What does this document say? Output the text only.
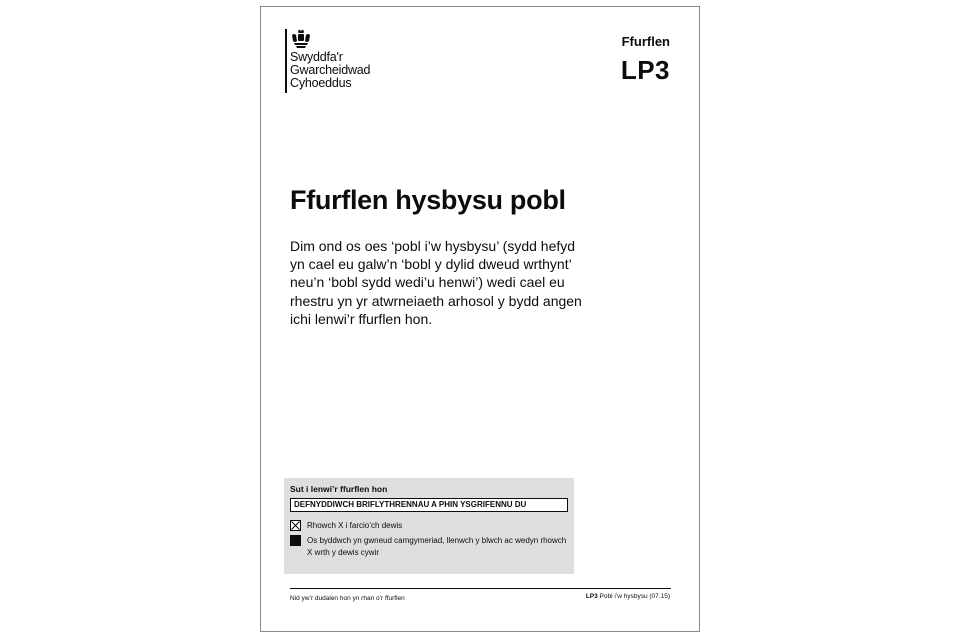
Swyddfa'r
Gwarcheidwad
Cyhoeddus
Ffurflen
LP3
Ffurflen hysbysu pobl
Dim ond os oes ‘pobl i’w hysbysu’ (sydd hefyd yn cael eu galw’n ‘bobl y dylid dweud wrthynt’ neu’n ‘bobl sydd wedi’u henwi’) wedi cael eu rhestru yn yr atwrneiaeth arhosol y bydd angen ichi lenwi’r ffurflen hon.
Sut i lenwi’r ffurflen hon
DEFNYDDIWCH BRIFLYTHRENNAU A PHIN YSGRIFENNU DU
Rhowch X i farcio’ch dewis
Os byddwch yn gwneud camgymeriad, llenwch y blwch ac wedyn rhowch X wrth y dewis cywir
Nid yw’r dudalen hon yn rhan o’r ffurflen	LP3 Pobl i’w hysbysu (07.15)
